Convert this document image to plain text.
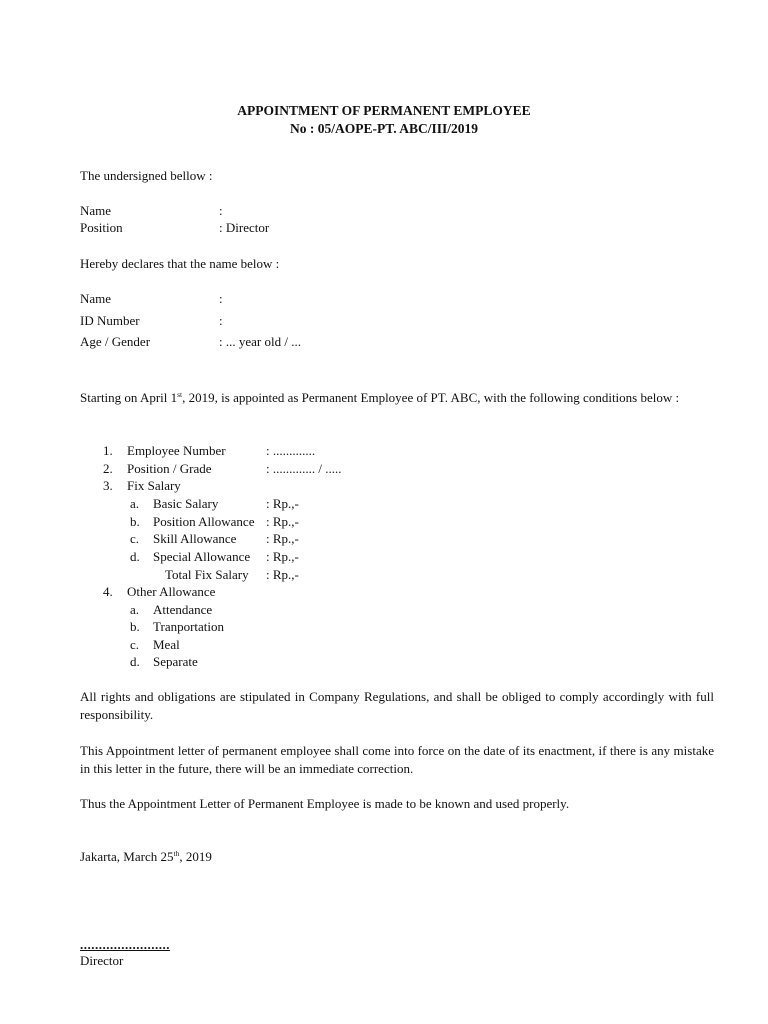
APPOINTMENT OF PERMANENT EMPLOYEE
No : 05/AOPE-PT. ABC/III/2019
The undersigned bellow :
Name	:
Position	: Director
Hereby declares that the name below :
Name	:
ID Number	:
Age / Gender	: ... year old / ...
Starting on April 1st, 2019, is appointed as Permanent Employee of PT. ABC, with the following conditions below :
1. Employee Number	: .............
2. Position / Grade	: ............. / .....
3. Fix Salary
a. Basic Salary	: Rp.,-
b. Position Allowance : Rp.,-
c. Skill Allowance : Rp.,-
d. Special Allowance : Rp.,-
Total Fix Salary : Rp.,-
4. Other Allowance
a. Attendance
b. Tranportation
c. Meal
d. Separate
All rights and obligations are stipulated in Company Regulations, and shall be obliged to comply accordingly with full responsibility.
This Appointment letter of permanent employee shall come into force on the date of its enactment, if there is any mistake in this letter in the future, there will be an immediate correction.
Thus the Appointment Letter of Permanent Employee is made to be known and used properly.
Jakarta, March 25th, 2019
........................
Director
